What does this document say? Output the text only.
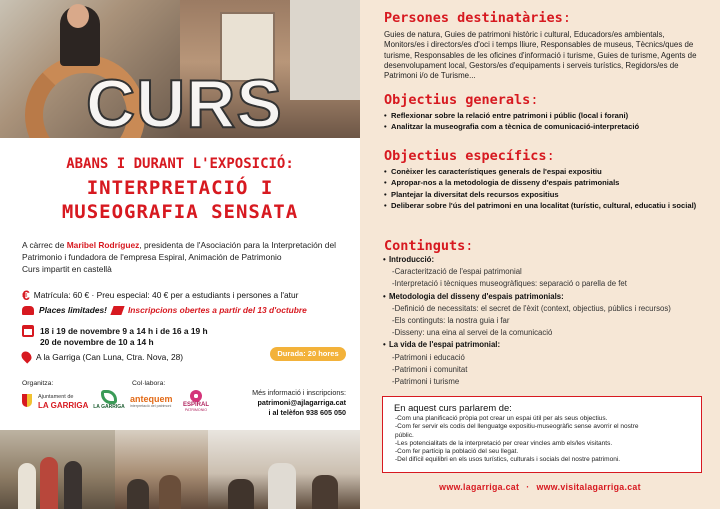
CURS
ABANS I DURANT L'EXPOSICIÓ:
INTERPRETACIÓ I
MUSEOGRAFIA SENSATA
A càrrec de Maribel Rodríguez, presidenta de l'Asociación para la Interpretación del Patrimonio i fundadora de l'empresa Espiral, Animación de Patrimonio
Curs impartit en castellà
€ Matrícula: 60 € · Preu especial: 40 € per a estudiants i persones a l'atur
Places limitades!	Inscripcions obertes a partir del 13 d'octubre
18 i 19 de novembre 9 a 14 h i de 16 a 19 h
20 de novembre de 10 a 14 h
A la Garriga (Can Luna, Ctra. Nova, 28)	Durada: 20 hores
Organitza:	Col·labora:
Ajuntament de
LA GARRIGA LA GARRIGA
antequem
interpretació del patrimoni	ESPIRAL
PATRIMONIO
Més informació i inscripcions:
patrimoni@ajlagarriga.cat
i al telèfon 938 605 050
Persones destinatàries:
Guies de natura, Guies de patrimoni històric i cultural, Educadors/es ambientals, Monitors/es i directors/es d'oci i temps lliure, Responsables de museus, Tècnics/ques de turisme, Responsables de les oficines d'informació i turisme, Guies de turisme, Agents de desenvolupament local, Gestors/es d'equipaments i serveis turístics, Regidors/es de Patrimoni i/o de Turisme...
Objectius generals:
• Reflexionar sobre la relació entre patrimoni i públic (local i forani)
• Analitzar la museografia com a tècnica de comunicació-interpretació
Objectius específics:
• Conèixer les característiques generals de l'espai expositiu
• Apropar-nos a la metodologia de disseny d'espais patrimonials
• Plantejar la diversitat dels recursos expositius
• Deliberar sobre l'ús del patrimoni en una localitat (turístic, cultural, educatiu i social)
Continguts:
• Introducció:
-Caracterització de l'espai patrimonial
-Interpretació i tècniques museogràfiques: separació o parella de fet
• Metodologia del disseny d'espais patrimonials:
-Definició de necessitats: el secret de l'èxit (context, objectius, públics i recursos)
-Els continguts: la nostra guia i far
-Disseny: una eina al servei de la comunicació
• La vida de l'espai patrimonial:
-Patrimoni i educació
-Patrimoni i comunitat
-Patrimoni i turisme
En aquest curs parlarem de:
-Com una planificació pròpia pot crear un espai útil per als seus objectius.
-Com fer servir els codis del llenguatge expositiu-museogràfic sense avorrir el nostre
públic.
-Les potencialitats de la interpretació per crear vincles amb els/les visitants.
-Com fer partícip la població del seu llegat.
-Del difícil equilibri en els usos turístics, culturals i socials del nostre patrimoni.
www.lagarriga.cat · www.visitalagarriga.cat
